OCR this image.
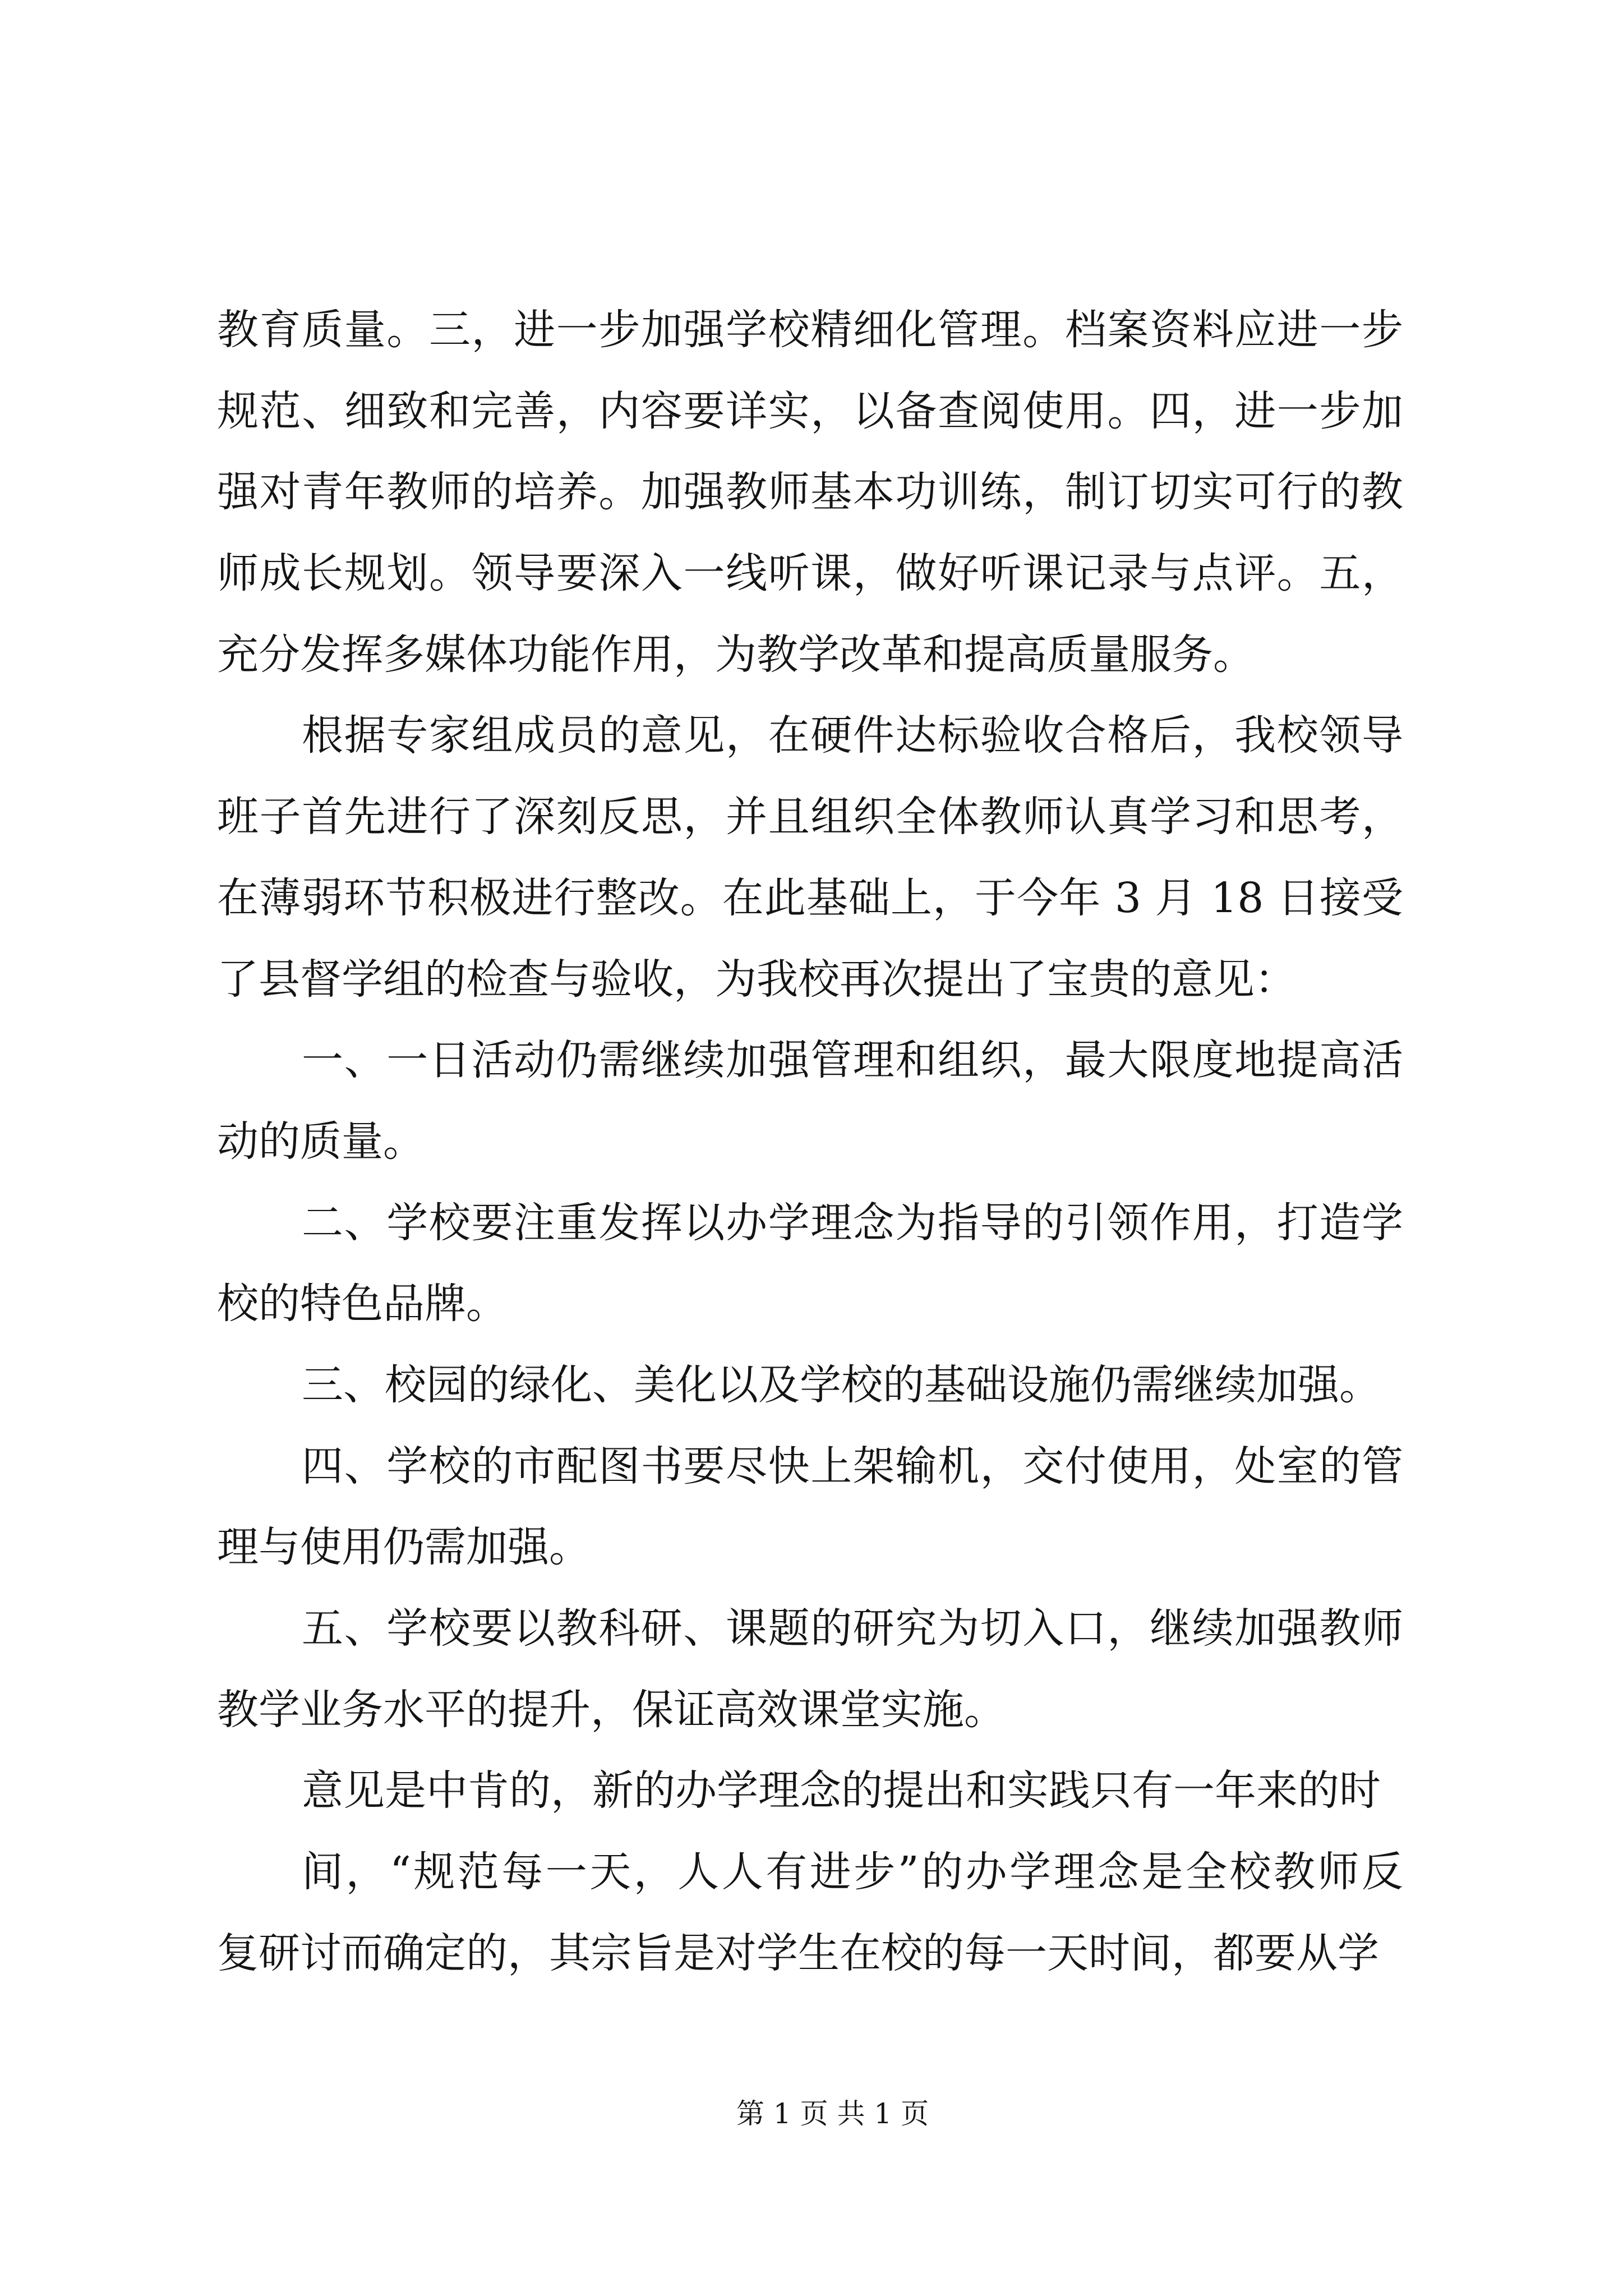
教育质量。三，进一步加强学校精细化管理。档案资料应进一步
规范、细致和完善，内容要详实，以备查阅使用。四，进一步加
强对青年教师的培养。加强教师基本功训练，制订切实可行的教
师成长规划。领导要深入一线听课，做好听课记录与点评。五，
充分发挥多媒体功能作用，为教学改革和提高质量服务。
根据专家组成员的意见，在硬件达标验收合格后，我校领导
班子首先进行了深刻反思，并且组织全体教师认真学习和思考，
在薄弱环节积极进行整改。在此基础上，于今年 3 月 18 日接受
了县督学组的检查与验收，为我校再次提出了宝贵的意见：
一、一日活动仍需继续加强管理和组织，最大限度地提高活
动的质量。
二、学校要注重发挥以办学理念为指导的引领作用，打造学
校的特色品牌。
三、校园的绿化、美化以及学校的基础设施仍需继续加强。
四、学校的市配图书要尽快上架输机，交付使用，处室的管
理与使用仍需加强。
五、学校要以教科研、课题的研究为切入口，继续加强教师
教学业务水平的提升，保证高效课堂实施。
意见是中肯的，新的办学理念的提出和实践只有一年来的时
间，“规范每一天，人人有进步”的办学理念是全校教师反
复研讨而确定的，其宗旨是对学生在校的每一天时间，都要从学
第 1 页 共 1 页
